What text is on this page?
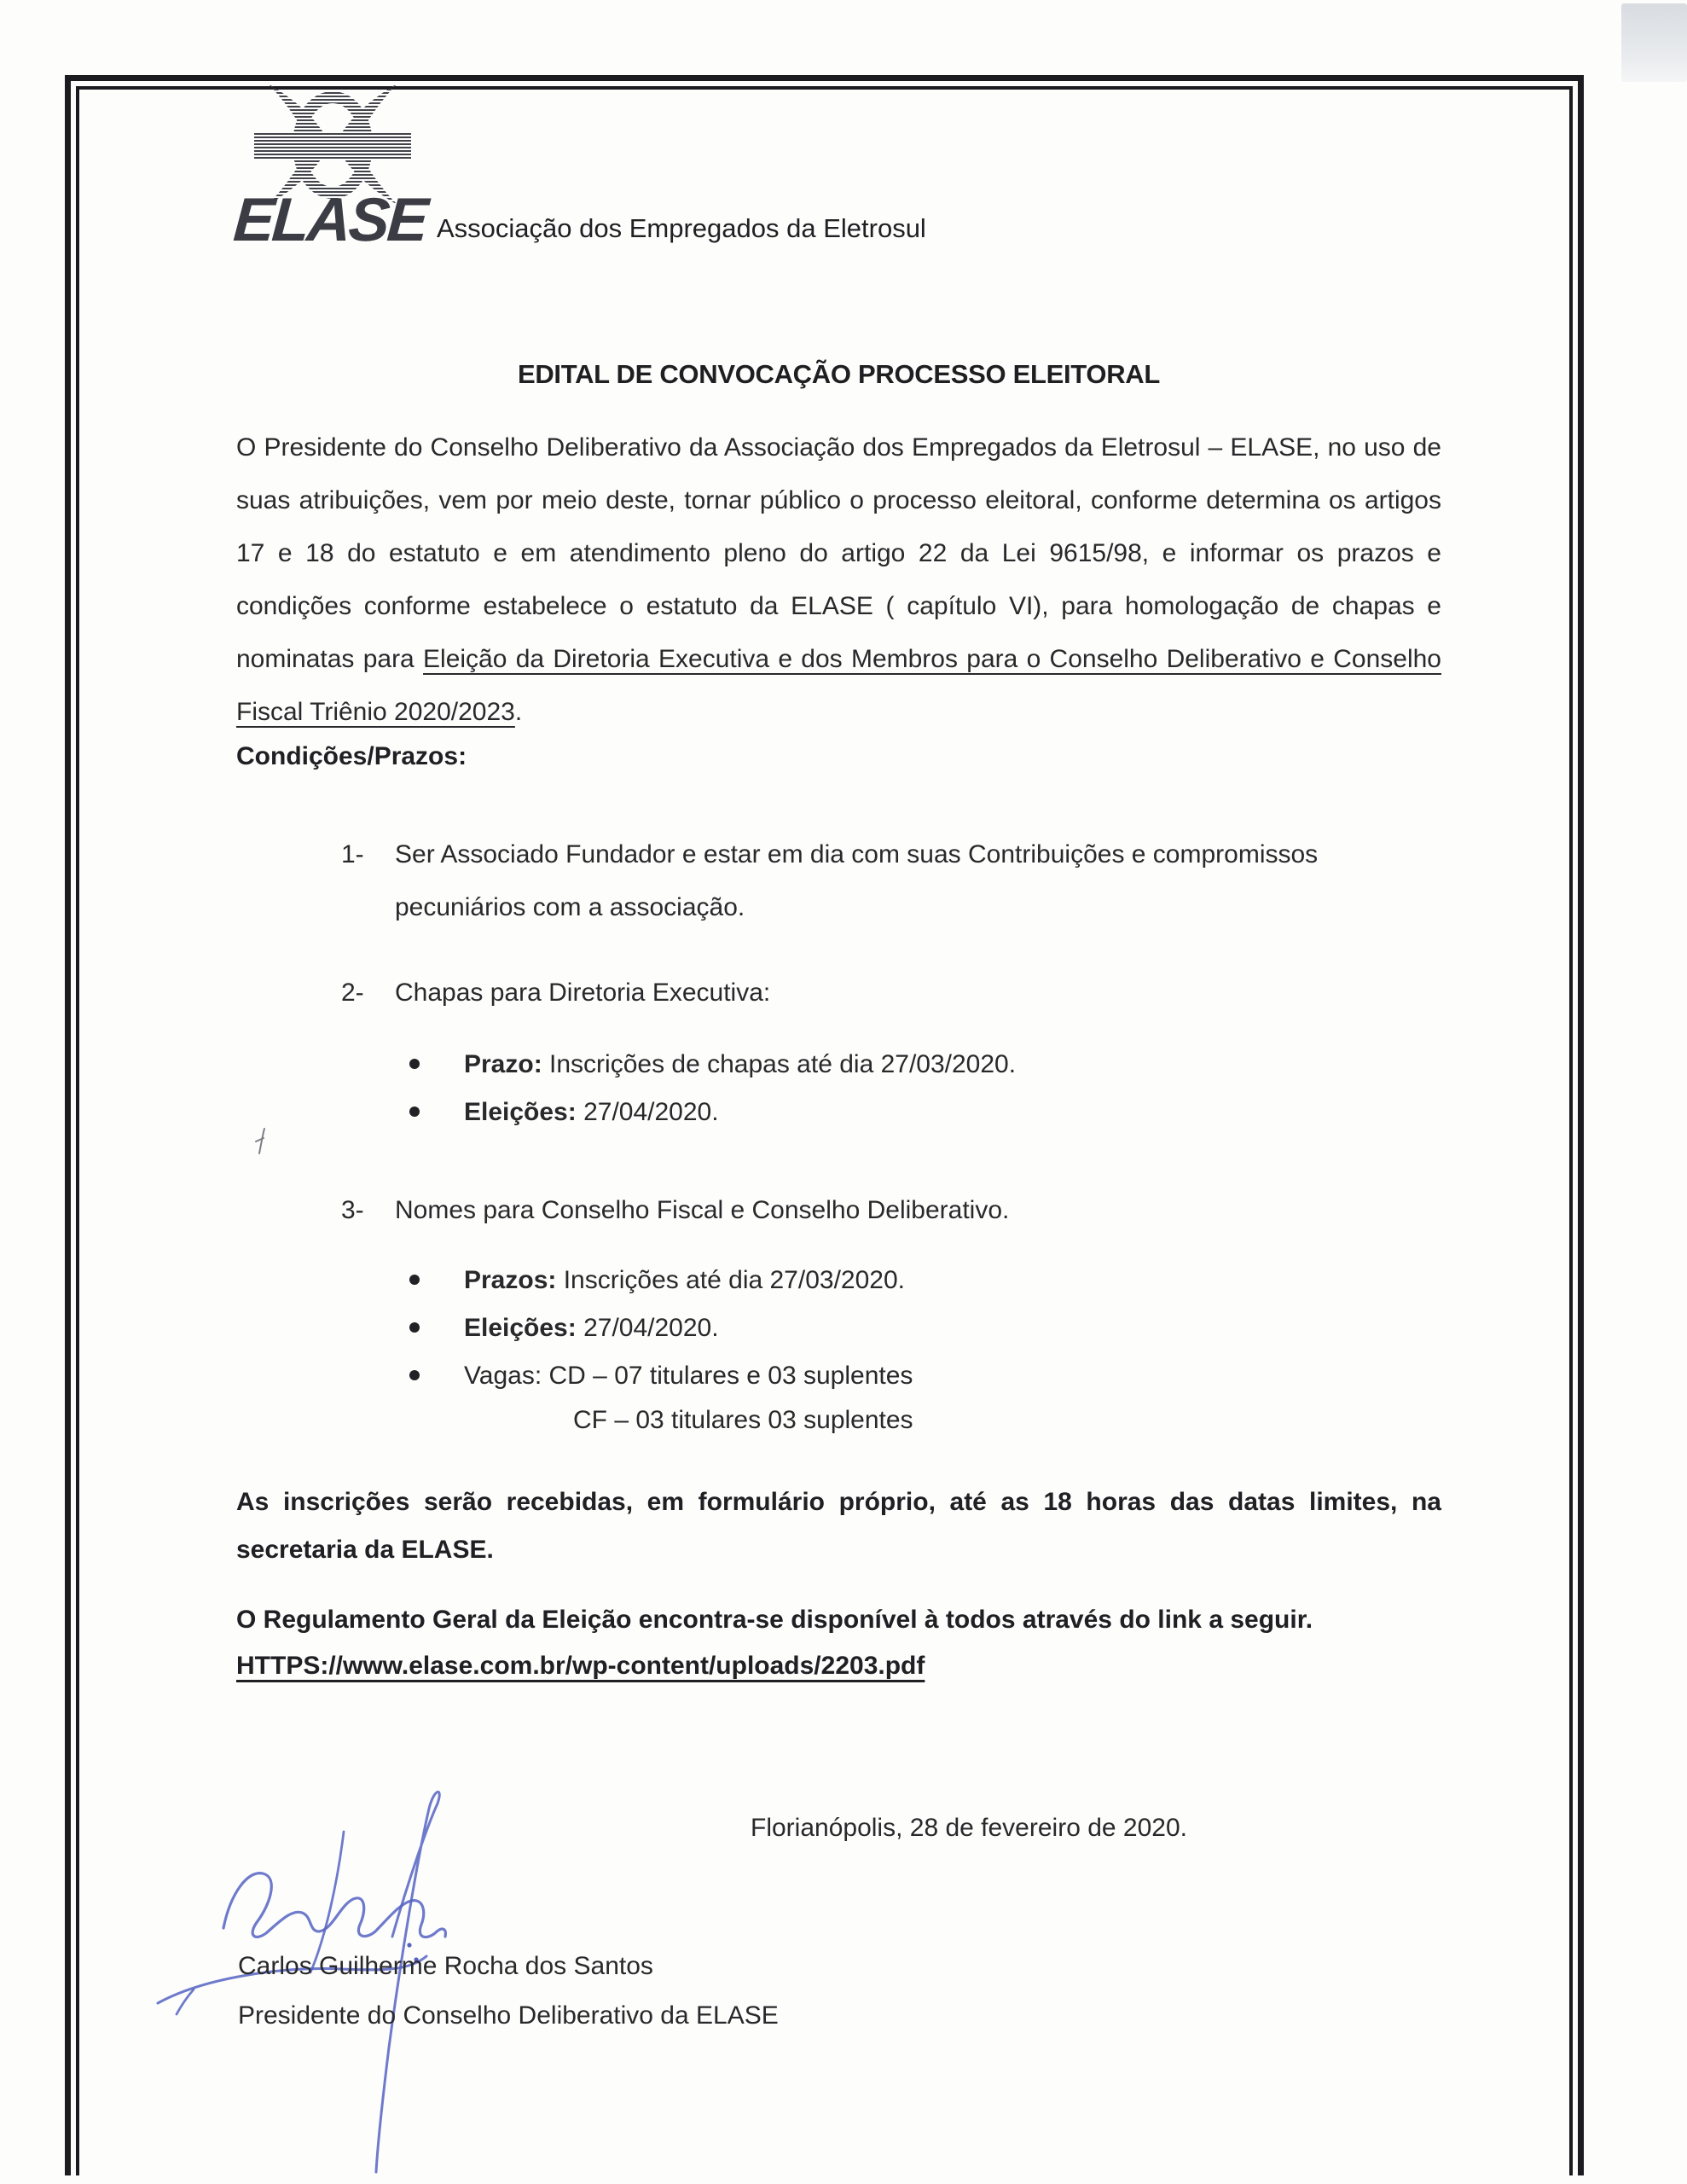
ELASE Associação dos Empregados da Eletrosul
EDITAL DE CONVOCAÇÃO PROCESSO ELEITORAL
O Presidente do Conselho Deliberativo da Associação dos Empregados da Eletrosul – ELASE, no uso de suas atribuições, vem por meio deste, tornar público o processo eleitoral, conforme determina os artigos 17 e 18 do estatuto e em atendimento pleno do artigo 22 da Lei 9615/98, e informar os prazos e condições conforme estabelece o estatuto da ELASE ( capítulo VI), para homologação de chapas e nominatas para Eleição da Diretoria Executiva e dos Membros para o Conselho Deliberativo e Conselho Fiscal Triênio 2020/2023.
Condições/Prazos:
1- Ser Associado Fundador e estar em dia com suas Contribuições e compromissos pecuniários com a associação.
2- Chapas para Diretoria Executiva:
Prazo: Inscrições de chapas até dia 27/03/2020.
Eleições: 27/04/2020.
3- Nomes para Conselho Fiscal e Conselho Deliberativo.
Prazos: Inscrições até dia 27/03/2020.
Eleições: 27/04/2020.
Vagas: CD – 07 titulares e 03 suplentes
CF – 03 titulares 03 suplentes
As inscrições serão recebidas, em formulário próprio, até as 18 horas das datas limites, na secretaria da ELASE.
O Regulamento Geral da Eleição encontra-se disponível à todos através do link a seguir.
HTTPS://www.elase.com.br/wp-content/uploads/2203.pdf
Florianópolis, 28 de fevereiro de 2020.
Carlos Guilherme Rocha dos Santos
Presidente do Conselho Deliberativo da ELASE
